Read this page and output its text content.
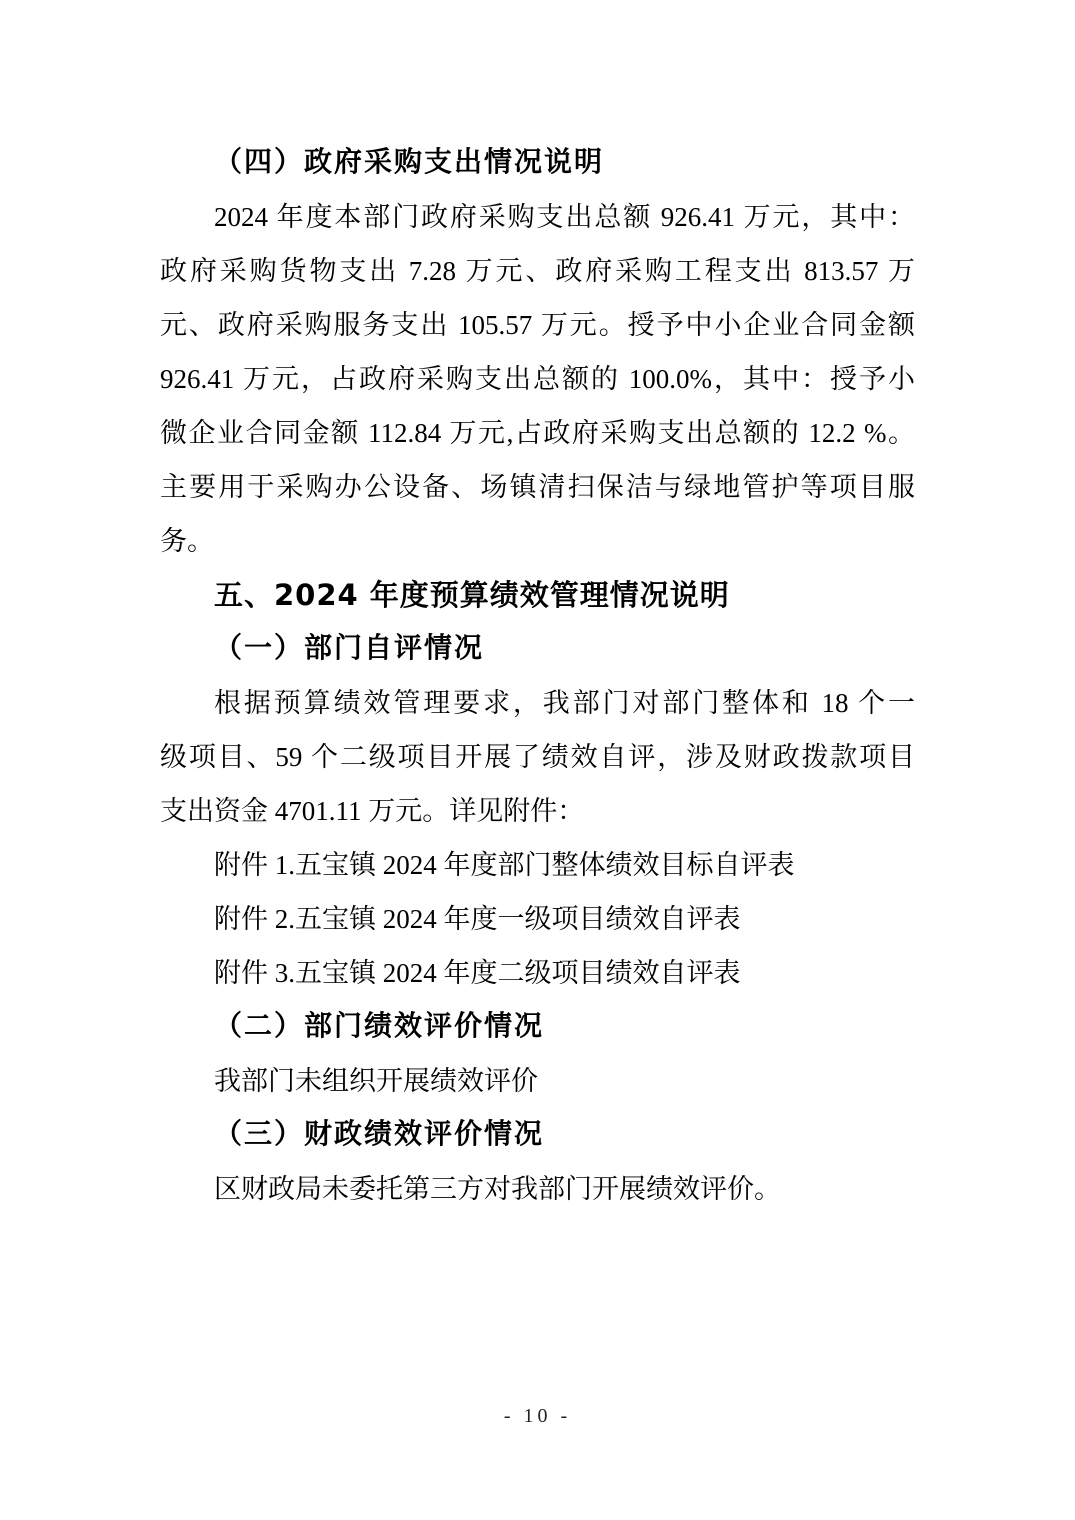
（四）政府采购支出情况说明
2024 年度本部门政府采购支出总额 926.41 万元，其中：
政府采购货物支出 7.28 万元、政府采购工程支出 813.57 万
元、政府采购服务支出 105.57 万元。授予中小企业合同金额
926.41 万元，占政府采购支出总额的 100.0%，其中：授予小
微企业合同金额 112.84 万元,占政府采购支出总额的 12.2 %。
主要用于采购办公设备、场镇清扫保洁与绿地管护等项目服
务。
五、2024 年度预算绩效管理情况说明
（一）部门自评情况
根据预算绩效管理要求，我部门对部门整体和 18 个一
级项目、59 个二级项目开展了绩效自评，涉及财政拨款项目
支出资金 4701.11 万元。详见附件：
附件 1.五宝镇 2024 年度部门整体绩效目标自评表
附件 2.五宝镇 2024 年度一级项目绩效自评表
附件 3.五宝镇 2024 年度二级项目绩效自评表
（二）部门绩效评价情况
我部门未组织开展绩效评价
（三）财政绩效评价情况
区财政局未委托第三方对我部门开展绩效评价。
- 10 -
